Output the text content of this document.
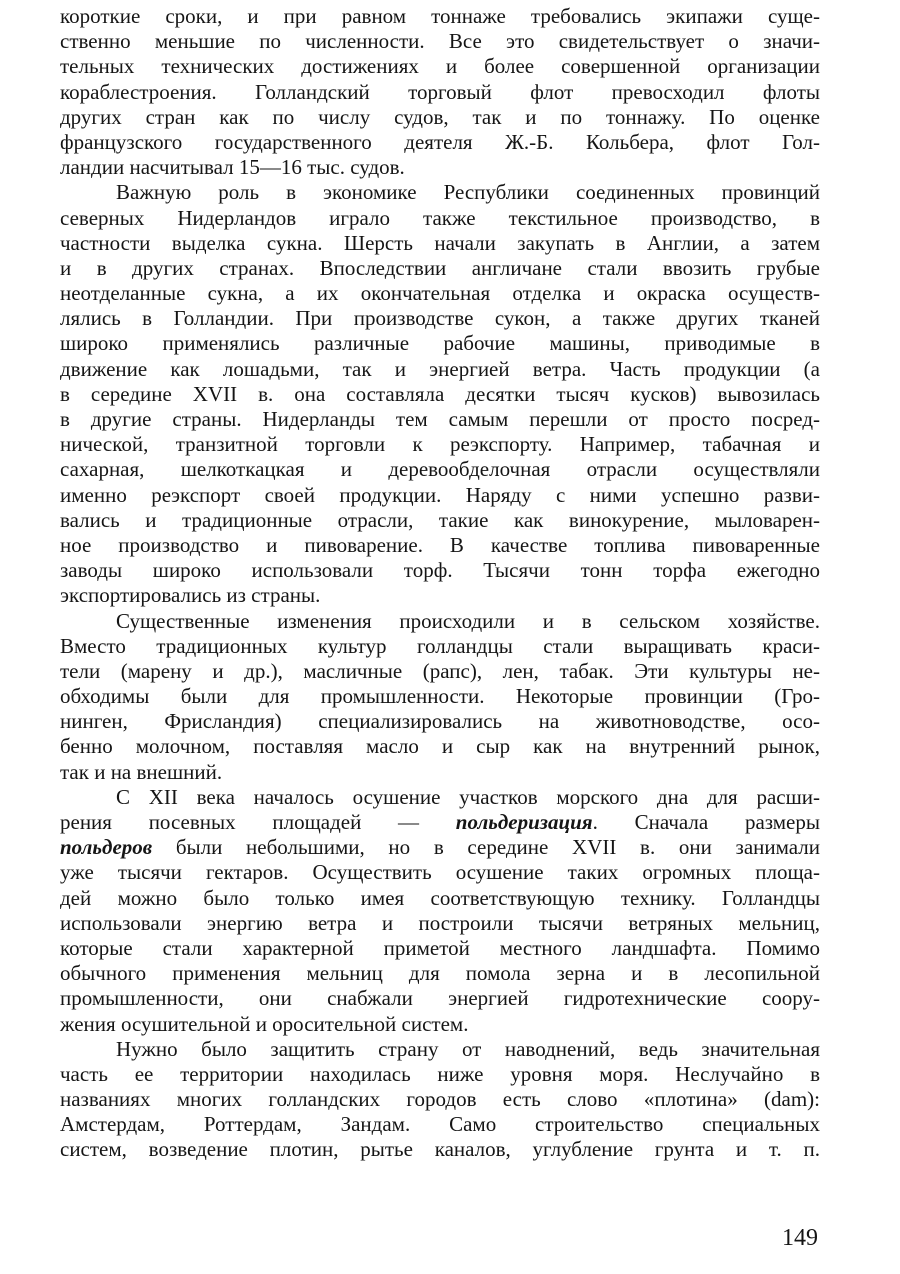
короткие сроки, и при равном тоннаже требовались экипажи суще-
ственно меньшие по численности. Все это свидетельствует о значи-
тельных технических достижениях и более совершенной организации
кораблестроения. Голландский торговый флот превосходил флоты
других стран как по числу судов, так и по тоннажу. По оценке
французского государственного деятеля Ж.-Б. Кольбера, флот Гол-
ландии насчитывал 15—16 тыс. судов.
Важную роль в экономике Республики соединенных провинций
северных Нидерландов играло также текстильное производство, в
частности выделка сукна. Шерсть начали закупать в Англии, а затем
и в других странах. Впоследствии англичане стали ввозить грубые
неотделанные сукна, а их окончательная отделка и окраска осуществ-
лялись в Голландии. При производстве сукон, а также других тканей
широко применялись различные рабочие машины, приводимые в
движение как лошадьми, так и энергией ветра. Часть продукции (а
в середине XVII в. она составляла десятки тысяч кусков) вывозилась
в другие страны. Нидерланды тем самым перешли от просто посред-
нической, транзитной торговли к реэкспорту. Например, табачная и
сахарная, шелкоткацкая и деревообделочная отрасли осуществляли
именно реэкспорт своей продукции. Наряду с ними успешно разви-
вались и традиционные отрасли, такие как винокурение, мыловарен-
ное производство и пивоварение. В качестве топлива пивоваренные
заводы широко использовали торф. Тысячи тонн торфа ежегодно
экспортировались из страны.
Существенные изменения происходили и в сельском хозяйстве.
Вместо традиционных культур голландцы стали выращивать краси-
тели (марену и др.), масличные (рапс), лен, табак. Эти культуры не-
обходимы были для промышленности. Некоторые провинции (Гро-
нинген, Фрисландия) специализировались на животноводстве, осо-
бенно молочном, поставляя масло и сыр как на внутренний рынок,
так и на внешний.
С XII века началось осушение участков морского дна для расши-
рения посевных площадей — польдеризация. Сначала размеры
польдеров были небольшими, но в середине XVII в. они занимали
уже тысячи гектаров. Осуществить осушение таких огромных площа-
дей можно было только имея соответствующую технику. Голландцы
использовали энергию ветра и построили тысячи ветряных мельниц,
которые стали характерной приметой местного ландшафта. Помимо
обычного применения мельниц для помола зерна и в лесопильной
промышленности, они снабжали энергией гидротехнические соору-
жения осушительной и оросительной систем.
Нужно было защитить страну от наводнений, ведь значительная
часть ее территории находилась ниже уровня моря. Неслучайно в
названиях многих голландских городов есть слово «плотина» (dam):
Амстердам, Роттердам, Зандам. Само строительство специальных
систем, возведение плотин, рытье каналов, углубление грунта и т. п.
149
